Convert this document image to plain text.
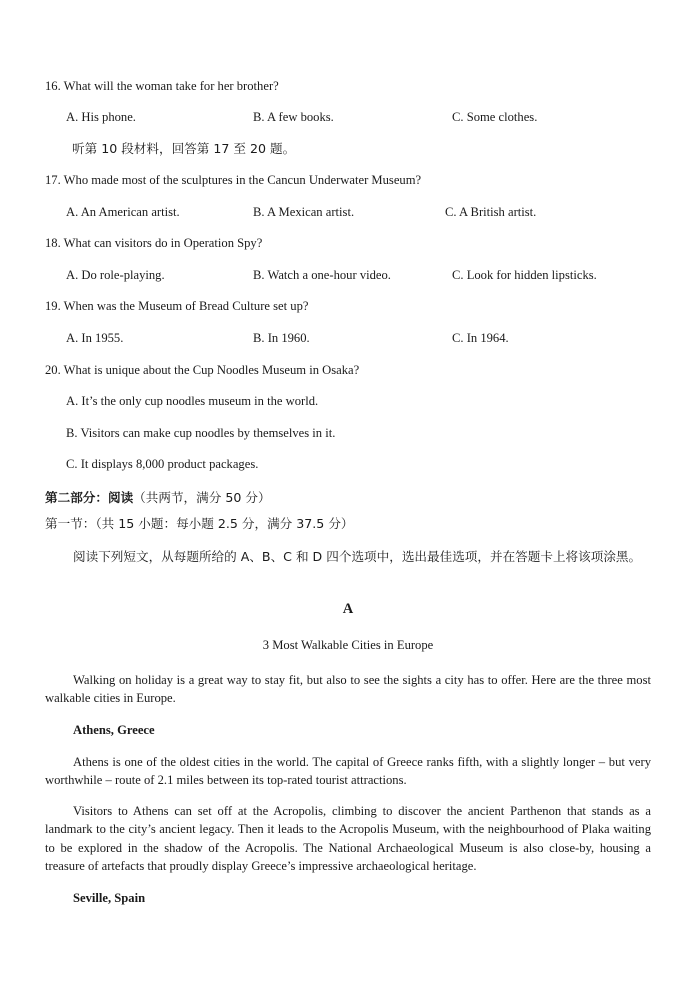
16. What will the woman take for her brother?
A. His phone.	B. A few books.	C. Some clothes.
听第 10 段材料，回答第 17 至 20 题。
17. Who made most of the sculptures in the Cancun Underwater Museum?
A. An American artist.	B. A Mexican artist.	C. A British artist.
18. What can visitors do in Operation Spy?
A. Do role-playing.	B. Watch a one-hour video.	C. Look for hidden lipsticks.
19. When was the Museum of Bread Culture set up?
A. In 1955.	B. In 1960.	C. In 1964.
20. What is unique about the Cup Noodles Museum in Osaka?
A. It’s the only cup noodles museum in the world.
B. Visitors can make cup noodles by themselves in it.
C. It displays 8,000 product packages.
第二部分：阅读（共两节，满分 50 分）
第一节：（共 15 小题：每小题 2.5 分，满分 37.5 分）
阅读下列短文，从每题所给的 A、B、C 和 D 四个选项中，选出最佳选项，并在答题卡上将该项涂黑。
A
3 Most Walkable Cities in Europe
Walking on holiday is a great way to stay fit, but also to see the sights a city has to offer. Here are the three most walkable cities in Europe.
Athens, Greece
Athens is one of the oldest cities in the world. The capital of Greece ranks fifth, with a slightly longer – but very worthwhile – route of 2.1 miles between its top-rated tourist attractions.
Visitors to Athens can set off at the Acropolis, climbing to discover the ancient Parthenon that stands as a landmark to the city’s ancient legacy. Then it leads to the Acropolis Museum, with the neighbourhood of Plaka waiting to be explored in the shadow of the Acropolis. The National Archaeological Museum is also close-by, housing a treasure of artefacts that proudly display Greece’s impressive archaeological heritage.
Seville, Spain
